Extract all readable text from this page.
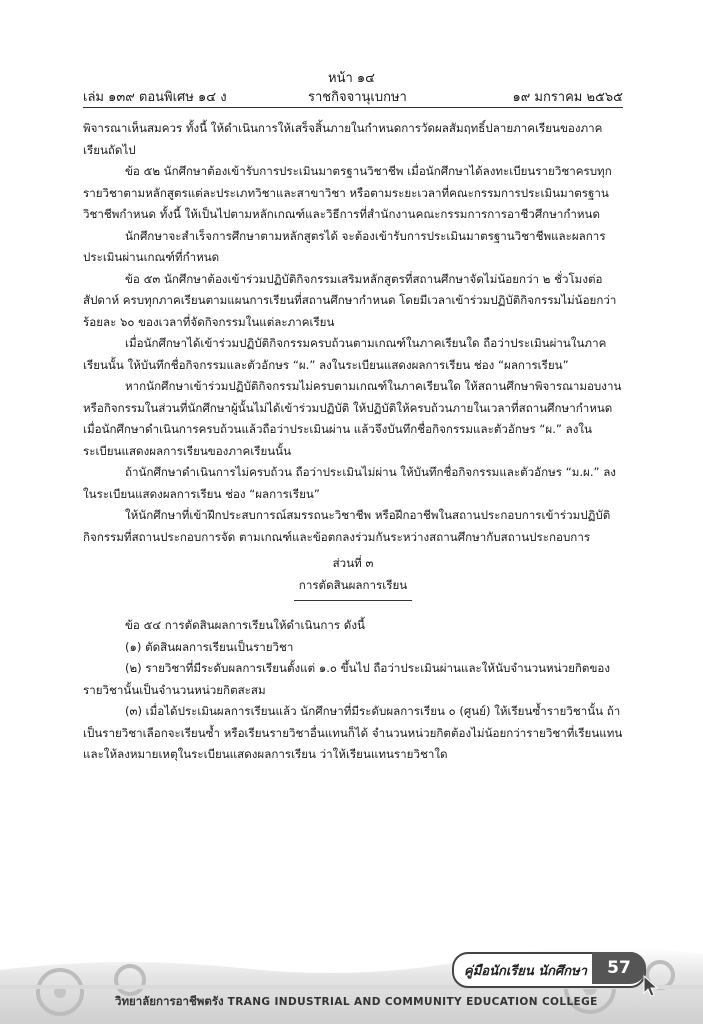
หน้า ๑๔
เล่ม ๑๓๙ ตอนพิเศษ ๑๔ ง	ราชกิจจานุเบกษา	๑๙ มกราคม ๒๕๖๕

พิจารณาเห็นสมควร ทั้งนี้ ให้ดำเนินการให้เสร็จสิ้นภายในกำหนดการวัดผลสัมฤทธิ์ปลายภาคเรียนของภาคเรียนถัดไป

ข้อ ๕๒ นักศึกษาต้องเข้ารับการประเมินมาตรฐานวิชาชีพ เมื่อนักศึกษาได้ลงทะเบียนรายวิชาครบทุกรายวิชาตามหลักสูตรแต่ละประเภทวิชาและสาขาวิชา หรือตามระยะเวลาที่คณะกรรมการประเมินมาตรฐานวิชาชีพกำหนด ทั้งนี้ ให้เป็นไปตามหลักเกณฑ์และวิธีการที่สำนักงานคณะกรรมการการอาชีวศึกษากำหนด

นักศึกษาจะสำเร็จการศึกษาตามหลักสูตรได้ จะต้องเข้ารับการประเมินมาตรฐานวิชาชีพและผลการประเมินผ่านเกณฑ์ที่กำหนด

ข้อ ๕๓ นักศึกษาต้องเข้าร่วมปฏิบัติกิจกรรมเสริมหลักสูตรที่สถานศึกษาจัดไม่น้อยกว่า ๒ ชั่วโมงต่อสัปดาห์ ครบทุกภาคเรียนตามแผนการเรียนที่สถานศึกษากำหนด โดยมีเวลาเข้าร่วมปฏิบัติกิจกรรมไม่น้อยกว่าร้อยละ ๖๐ ของเวลาที่จัดกิจกรรมในแต่ละภาคเรียน

เมื่อนักศึกษาได้เข้าร่วมปฏิบัติกิจกรรมครบถ้วนตามเกณฑ์ในภาคเรียนใด ถือว่าประเมินผ่านในภาคเรียนนั้น ให้บันทึกชื่อกิจกรรมและตัวอักษร “ผ.” ลงในระเบียนแสดงผลการเรียน ช่อง “ผลการเรียน”

หากนักศึกษาเข้าร่วมปฏิบัติกิจกรรมไม่ครบตามเกณฑ์ในภาคเรียนใด ให้สถานศึกษาพิจารณามอบงานหรือกิจกรรมในส่วนที่นักศึกษาผู้นั้นไม่ได้เข้าร่วมปฏิบัติ ให้ปฏิบัติให้ครบถ้วนภายในเวลาที่สถานศึกษากำหนด เมื่อนักศึกษาดำเนินการครบถ้วนแล้วถือว่าประเมินผ่าน แล้วจึงบันทึกชื่อกิจกรรมและตัวอักษร “ผ.” ลงในระเบียนแสดงผลการเรียนของภาคเรียนนั้น

ถ้านักศึกษาดำเนินการไม่ครบถ้วน ถือว่าประเมินไม่ผ่าน ให้บันทึกชื่อกิจกรรมและตัวอักษร “ม.ผ.” ลงในระเบียนแสดงผลการเรียน ช่อง “ผลการเรียน”

ให้นักศึกษาที่เข้าฝึกประสบการณ์สมรรถนะวิชาชีพ หรือฝึกอาชีพในสถานประกอบการเข้าร่วมปฏิบัติกิจกรรมที่สถานประกอบการจัด ตามเกณฑ์และข้อตกลงร่วมกันระหว่างสถานศึกษากับสถานประกอบการ

ส่วนที่ ๓
การตัดสินผลการเรียน

ข้อ ๕๔ การตัดสินผลการเรียนให้ดำเนินการ ดังนี้

(๑) ตัดสินผลการเรียนเป็นรายวิชา

(๒) รายวิชาที่มีระดับผลการเรียนตั้งแต่ ๑.๐ ขึ้นไป ถือว่าประเมินผ่านและให้นับจำนวนหน่วยกิตของรายวิชานั้นเป็นจำนวนหน่วยกิตสะสม

(๓) เมื่อได้ประเมินผลการเรียนแล้ว นักศึกษาที่มีระดับผลการเรียน ๐ (ศูนย์) ให้เรียนซ้ำรายวิชานั้น ถ้าเป็นรายวิชาเลือกจะเรียนซ้ำ หรือเรียนรายวิชาอื่นแทนก็ได้ จำนวนหน่วยกิตต้องไม่น้อยกว่ารายวิชาที่เรียนแทน และให้ลงหมายเหตุในระเบียนแสดงผลการเรียน ว่าให้เรียนแทนรายวิชาใด

คู่มือนักเรียน นักศึกษา	57
วิทยาลัยการอาชีพตรัง TRANG INDUSTRIAL AND COMMUNITY EDUCATION COLLEGE
